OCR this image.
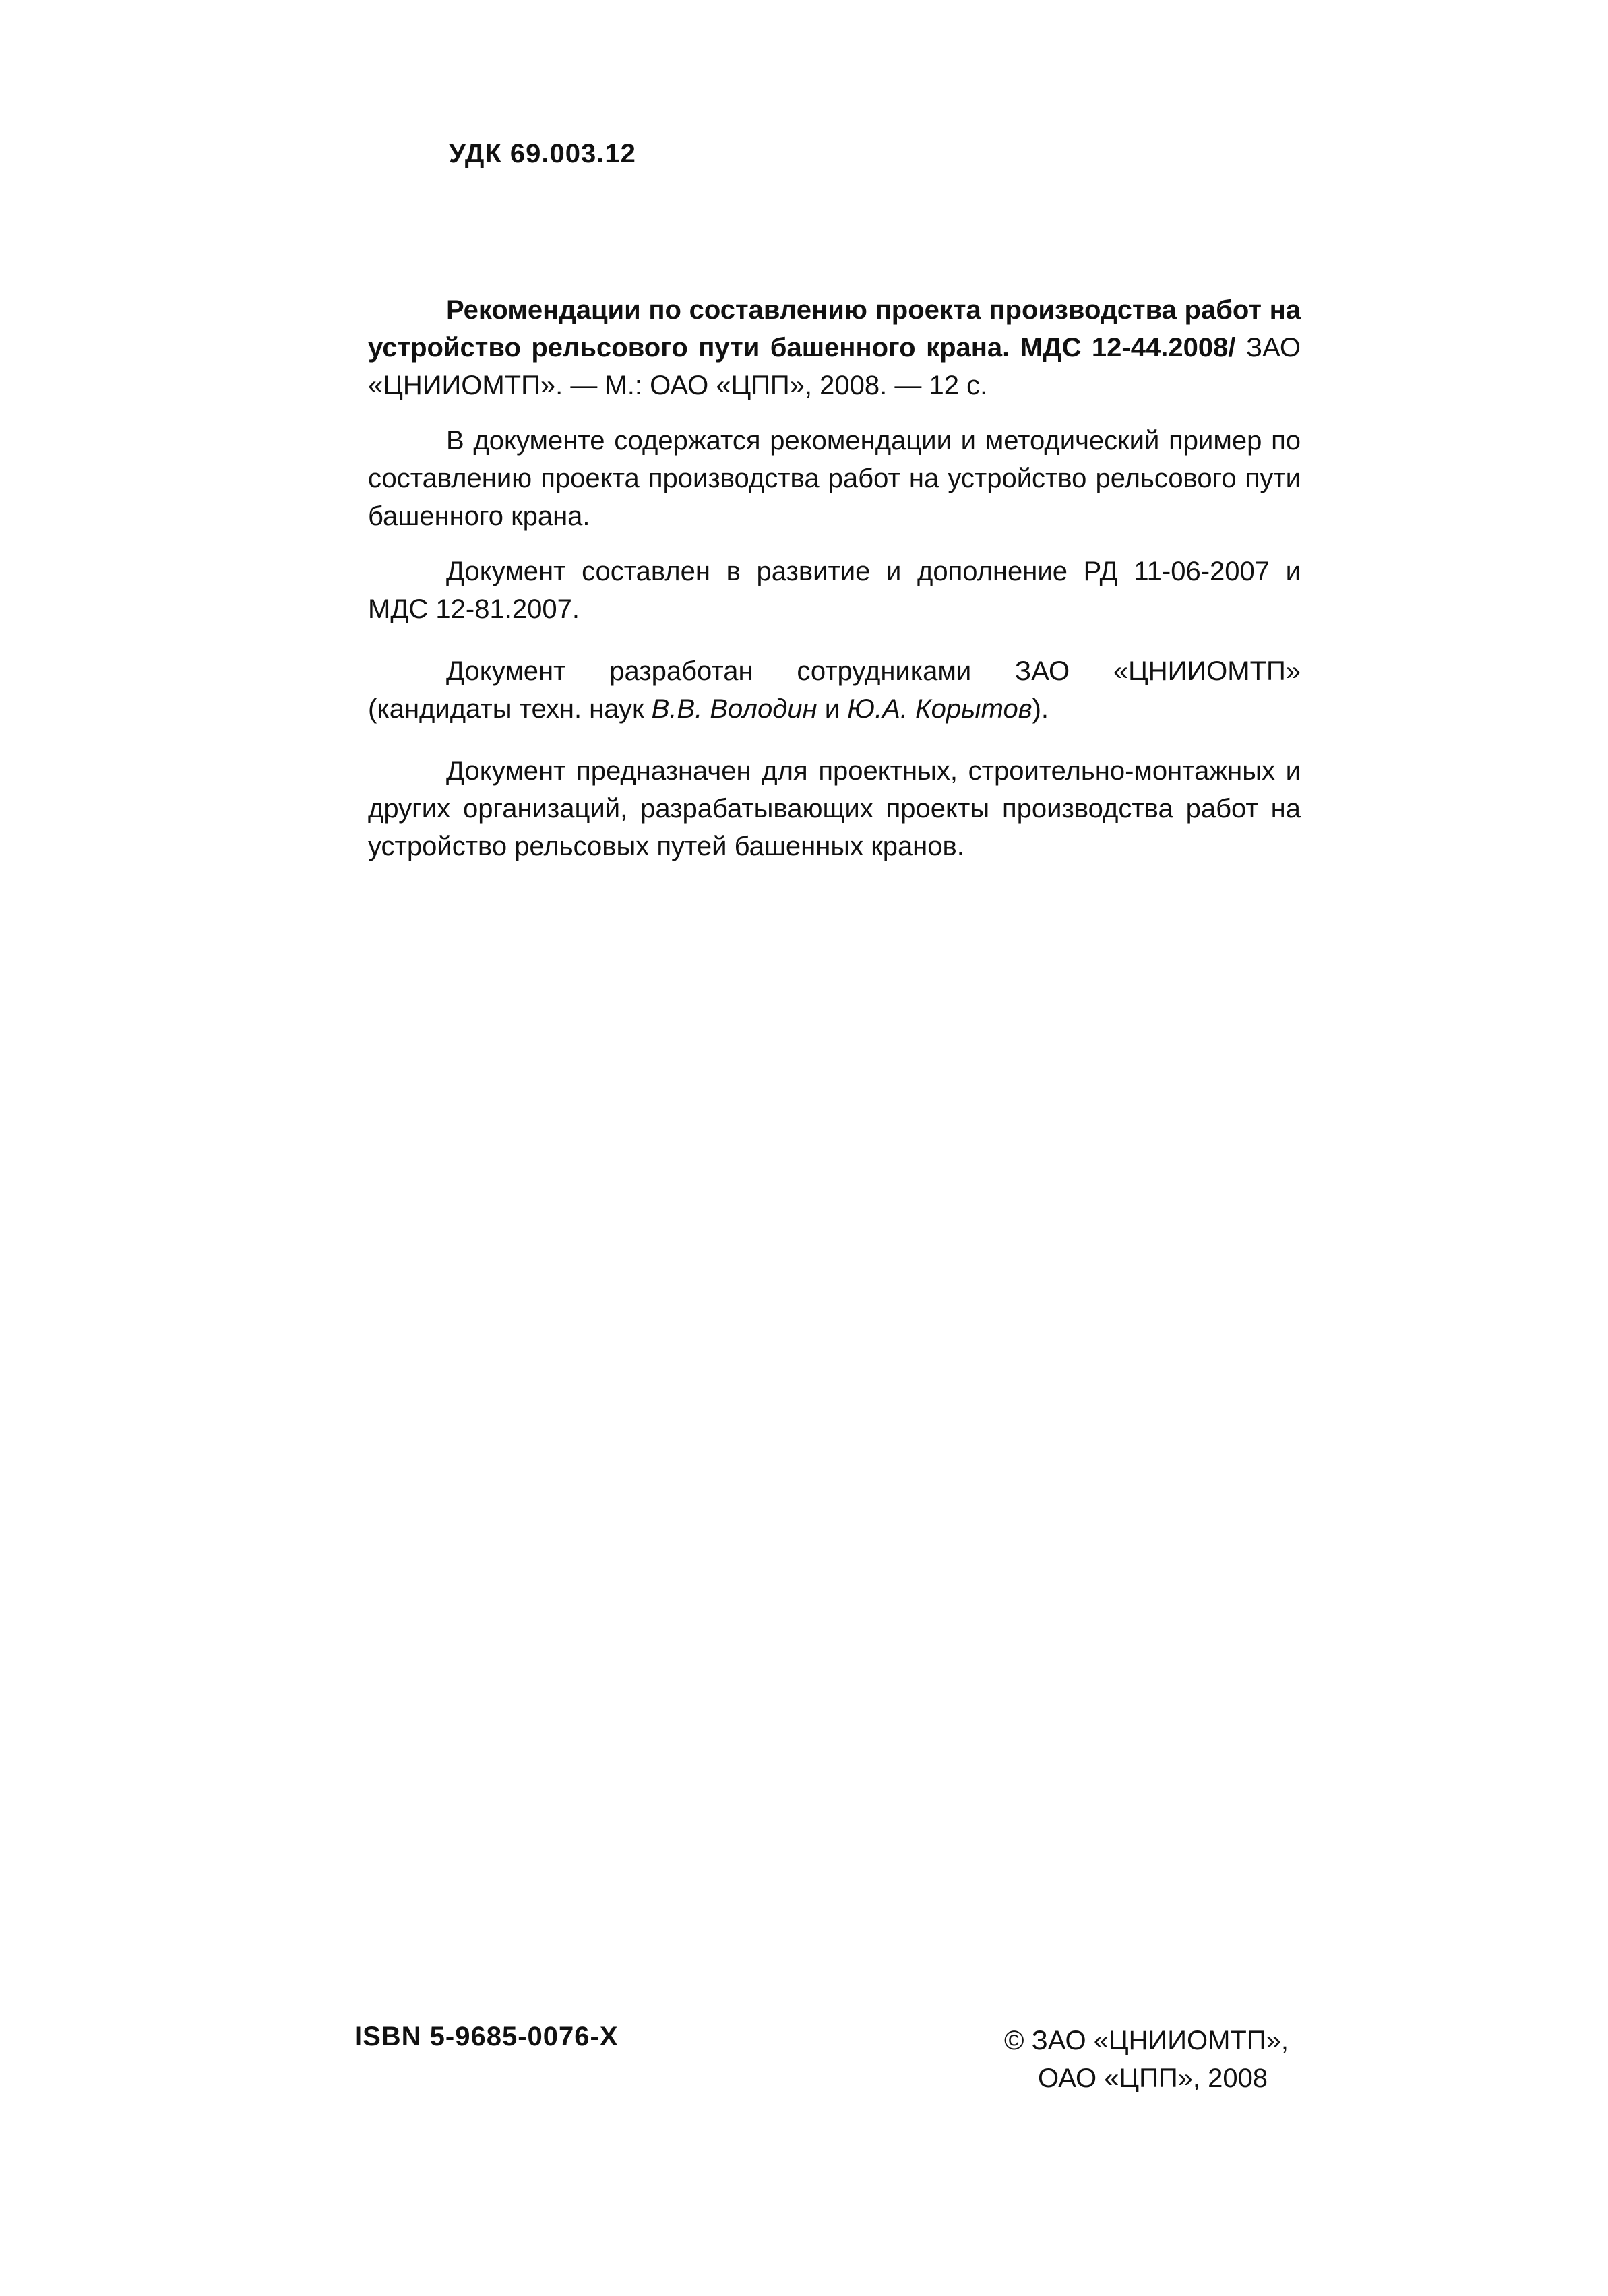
УДК 69.003.12
Рекомендации по составлению проекта производства работ на устройство рельсового пути башенного крана. МДС 12-44.2008/ ЗАО «ЦНИИОМТП». — М.: ОАО «ЦПП», 2008. — 12 с.
В документе содержатся рекомендации и методический пример по составлению проекта производства работ на устройство рельсового пути башенного крана.
Документ составлен в развитие и дополнение РД 11-06-2007 и МДС 12-81.2007.
Документ разработан сотрудниками ЗАО «ЦНИИОМТП» (кандидаты техн. наук В.В. Володин и Ю.А. Корытов).
Документ предназначен для проектных, строительно-монтажных и других организаций, разрабатывающих проекты производства работ на устройство рельсовых путей башенных кранов.
ISBN 5-9685-0076-X	© ЗАО «ЦНИИОМТП»,
ОАО «ЦПП», 2008
